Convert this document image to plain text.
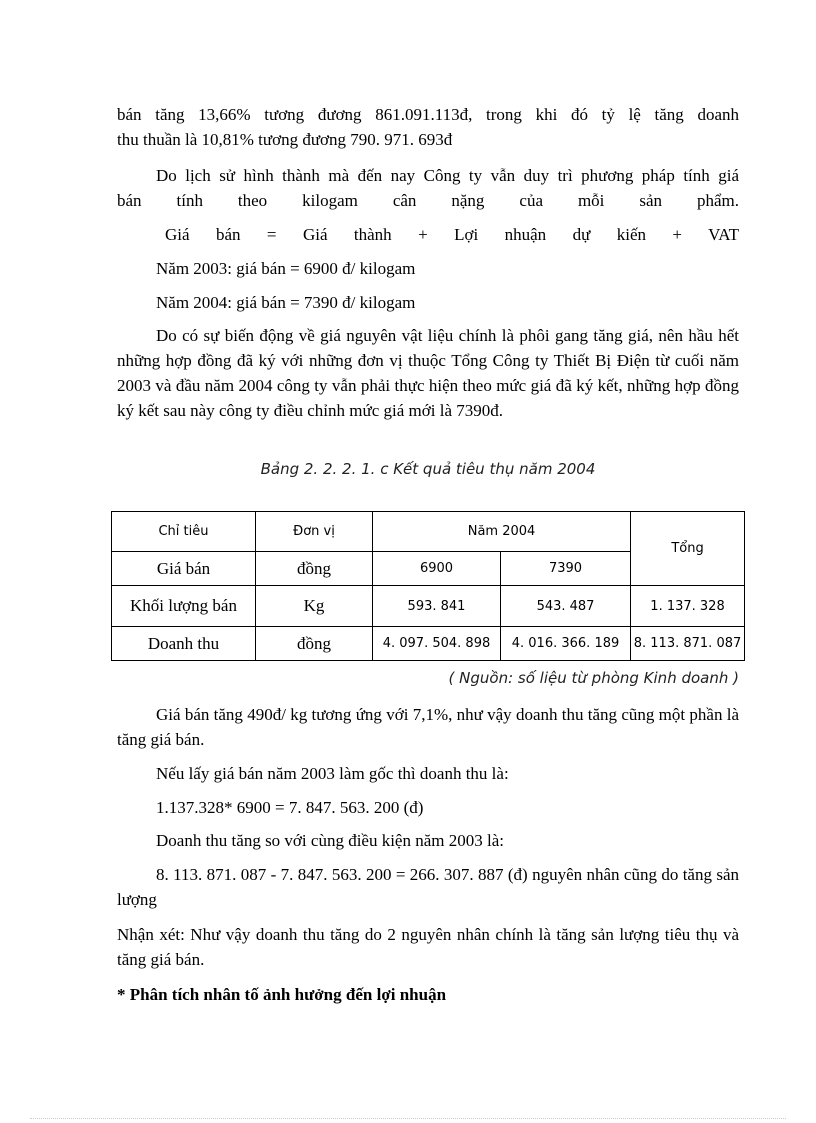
bán tăng 13,66% tương đương 861.091.113đ, trong khi đó tỷ lệ tăng doanh

thu thuần là 10,81% tương đương 790. 971. 693đ

Do lịch sử hình thành mà đến nay Công ty vẫn duy trì phương pháp tính giá

bán tính theo kilogam cân nặng của mỗi sản phẩm.

Giá bán = Giá thành + Lợi nhuận dự kiến + VAT

Năm 2003: giá bán = 6900 đ/ kilogam

Năm 2004: giá bán = 7390 đ/ kilogam

Do có sự biến động về giá nguyên vật liệu chính là phôi gang tăng giá, nên hầu hết những hợp đồng đã ký với những đơn vị thuộc Tổng Công ty Thiết Bị Điện từ cuối năm 2003 và đầu năm 2004 công ty vẫn phải thực hiện theo mức giá đã ký kết, những hợp đồng ký kết sau này công ty điều chỉnh mức giá mới là 7390đ.

Bảng 2. 2. 2. 1. c Kết quả tiêu thụ năm 2004
Chỉ tiêu	Đơn vị	Năm 2004		Tổng
Giá bán	đồng	6900	7390	
Khối lượng bán	Kg	593. 841	543. 487	1. 137. 328
Doanh thu	đồng	4. 097. 504. 898	4. 016. 366. 189	8. 113. 871. 087
( Nguồn: số liệu từ phòng Kinh doanh )

Giá bán tăng 490đ/ kg tương ứng với 7,1%, như vậy doanh thu tăng cũng một phần là tăng giá bán.

Nếu lấy giá bán năm 2003 làm gốc thì doanh thu là:

1.137.328* 6900 = 7. 847. 563. 200 (đ)

Doanh thu tăng so với cùng điều kiện năm 2003 là:

8. 113. 871. 087 - 7. 847. 563. 200 = 266. 307. 887 (đ) nguyên nhân cũng do tăng sản lượng

Nhận xét: Như vậy doanh thu tăng do 2 nguyên nhân chính là tăng sản lượng tiêu thụ và tăng giá bán.

* Phân tích nhân tố ảnh hưởng đến lợi nhuận
